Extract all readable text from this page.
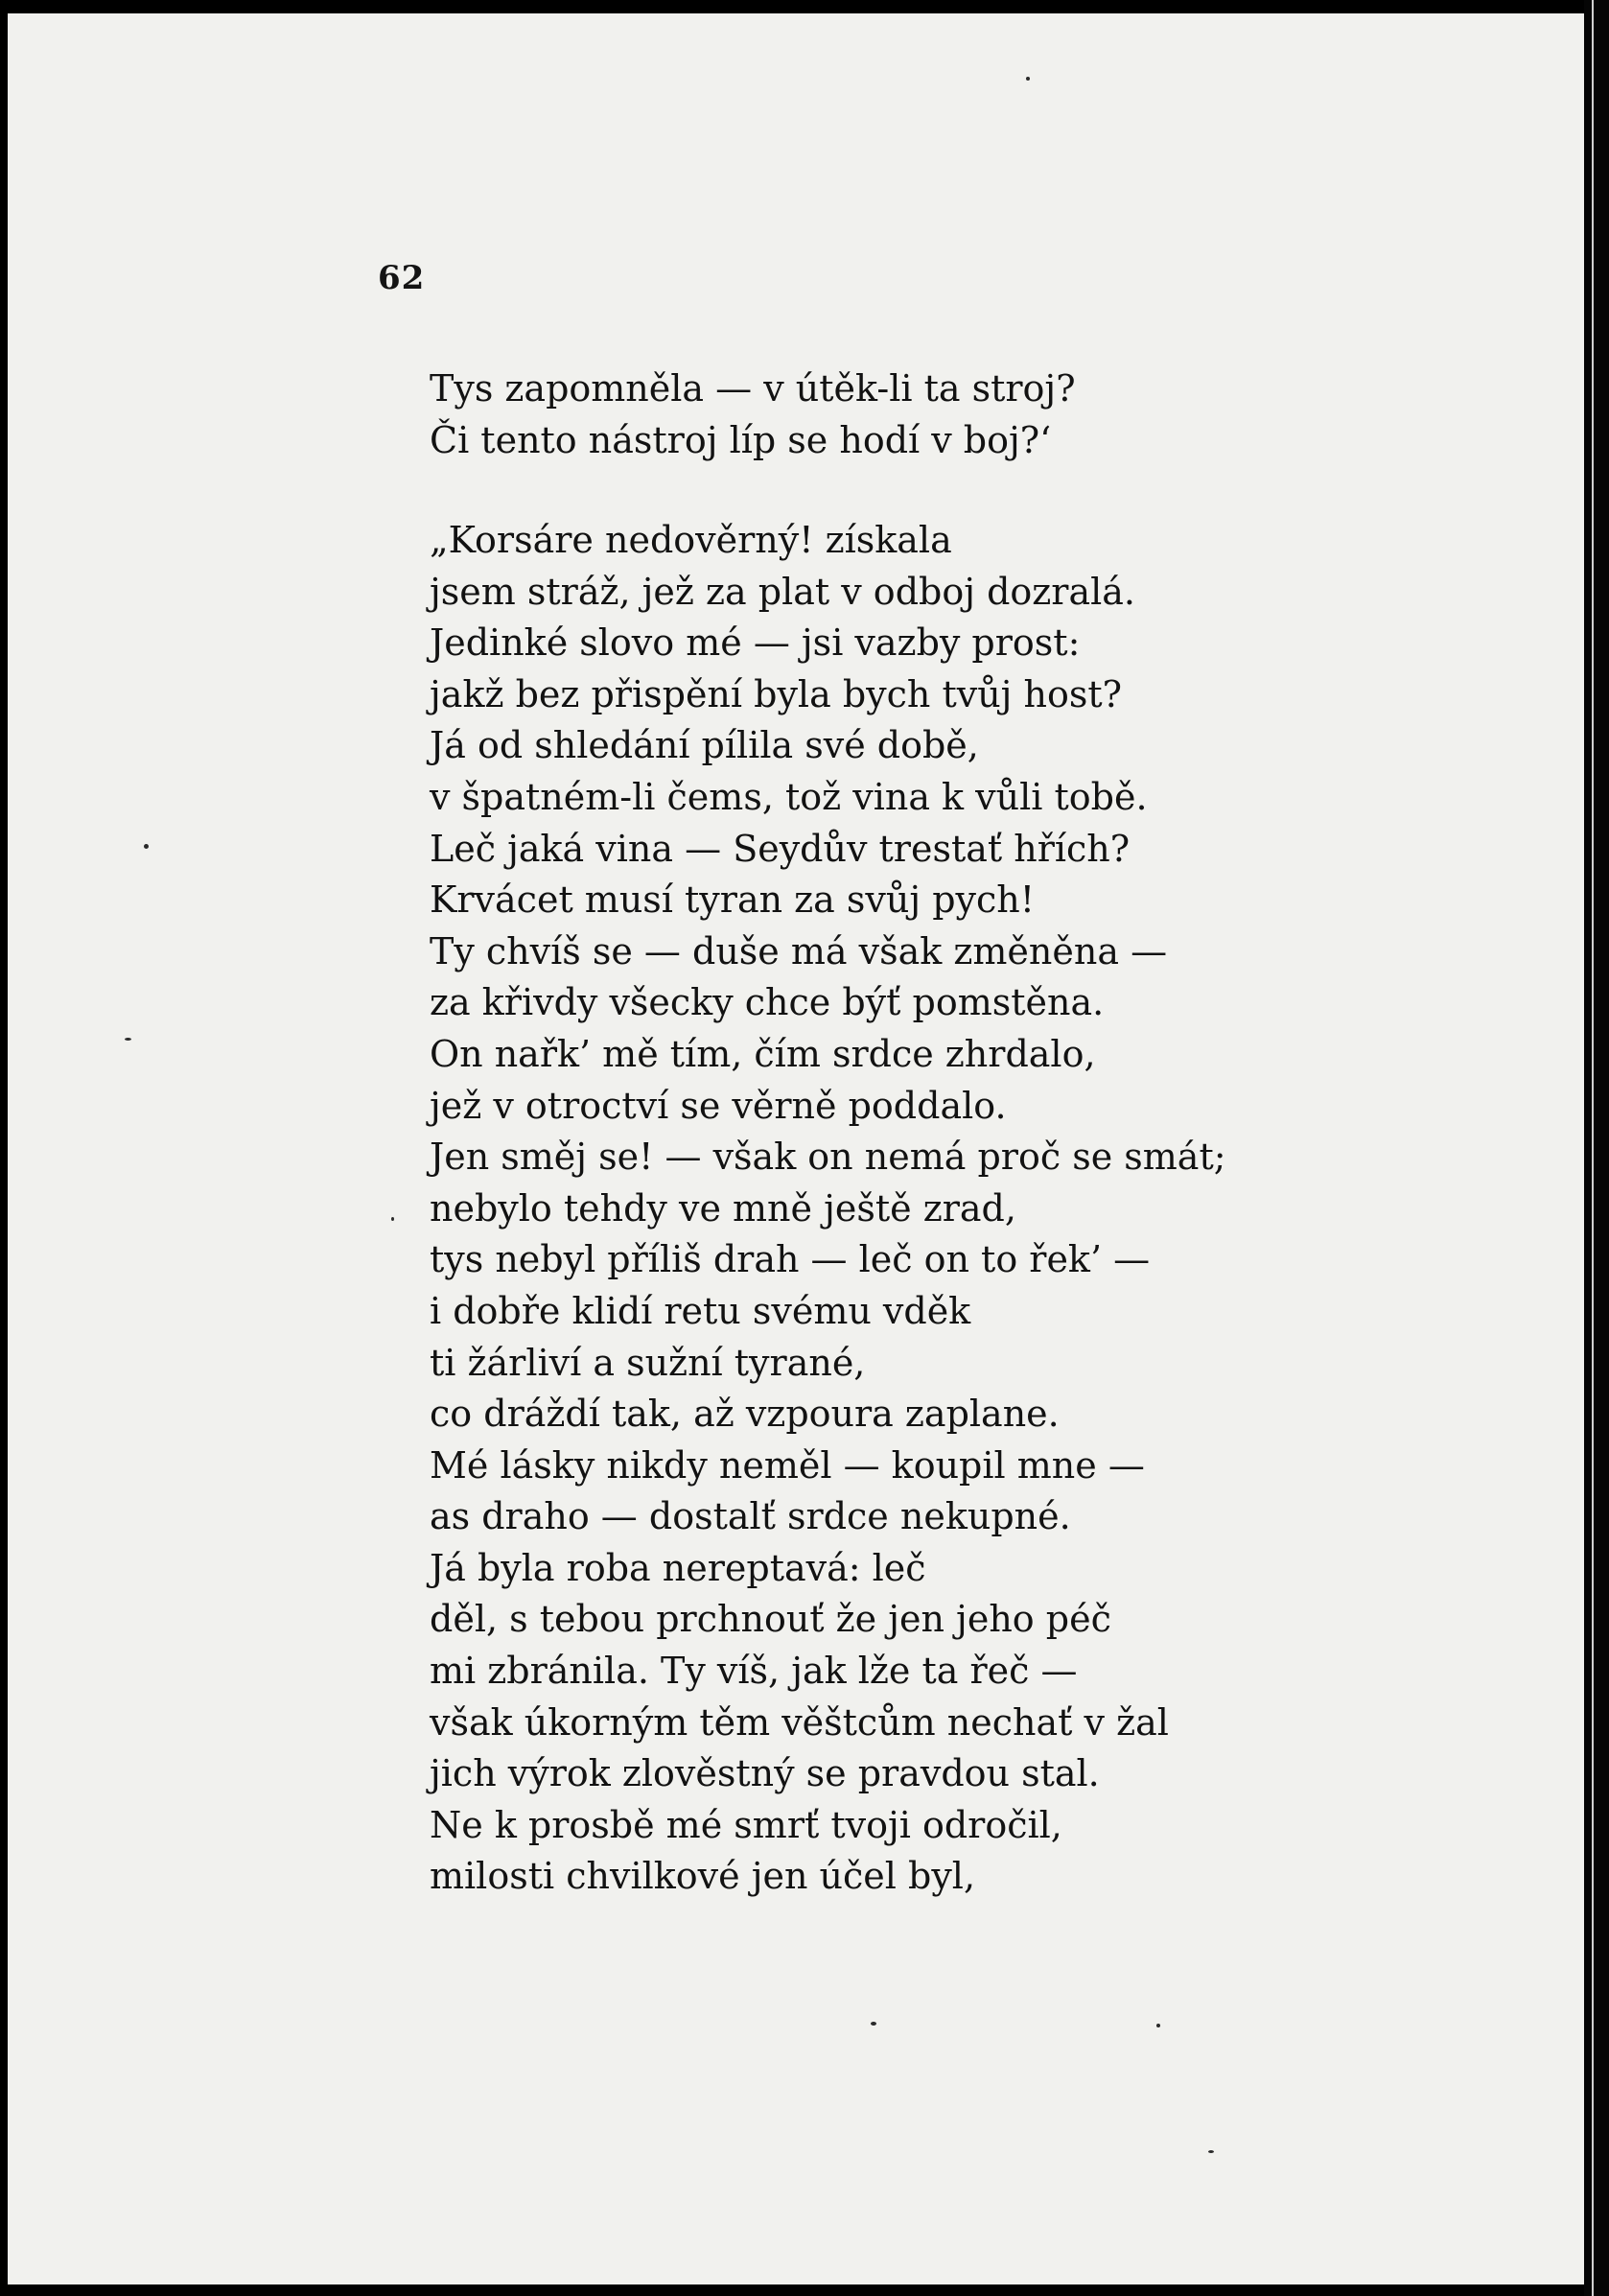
62
Tys zapomněla — v útěk-li ta stroj?
Či tento nástroj líp se hodí v boj?‘
„Korsáre nedověrný! získala
jsem stráž, jež za plat v odboj dozralá.
Jedinké slovo mé — jsi vazby prost:
jakž bez přispění byla bych tvůj host?
Já od shledání pílila své době,
v špatném-li čems, tož vina k vůli tobě.
Leč jaká vina — Seydův trestať hřích?
Krvácet musí tyran za svůj pych!
Ty chvíš se — duše má však změněna —
za křivdy všecky chce býť pomstěna.
On nařk’ mě tím, čím srdce zhrdalo,
jež v otroctví se věrně poddalo.
Jen směj se! — však on nemá proč se smát;
nebylo tehdy ve mně ještě zrad,
tys nebyl příliš drah — leč on to řek’ —
i dobře klidí retu svému vděk
ti žárliví a sužní tyrané,
co dráždí tak, až vzpoura zaplane.
Mé lásky nikdy neměl — koupil mne —
as draho — dostalť srdce nekupné.
Já byla roba nereptavá: leč
děl, s tebou prchnouť že jen jeho péč
mi zbránila. Ty víš, jak lže ta řeč —
však úkorným těm věštcům nechať v žal
jich výrok zlověstný se pravdou stal.
Ne k prosbě mé smrť tvoji odročil,
milosti chvilkové jen účel byl,
